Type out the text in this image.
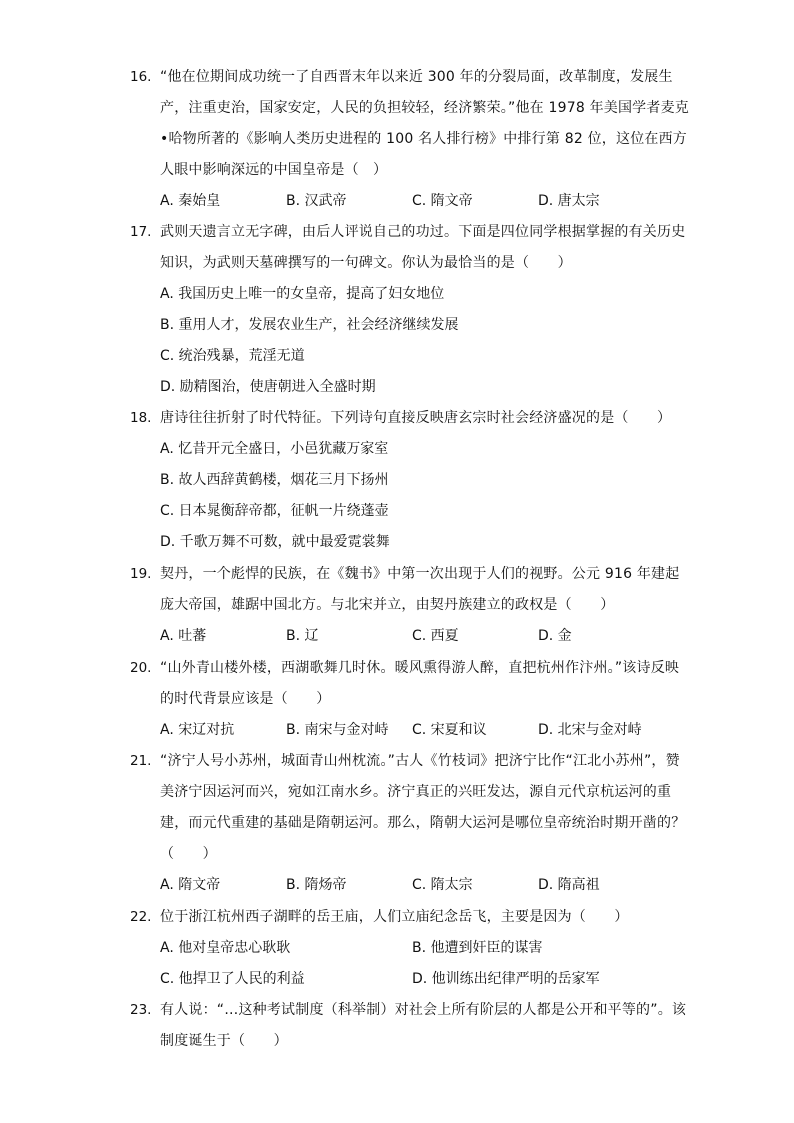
16. “他在位期间成功统一了自西晋末年以来近 300 年的分裂局面，改革制度，发展生产，注重吏治，国家安定，人民的负担较轻，经济繁荣。”他在 1978 年美国学者麦克•哈物所著的《影响人类历史进程的 100 名人排行榜》中排行第 82 位，这位在西方人眼中影响深远的中国皇帝是（　）
A. 秦始皇	B. 汉武帝	C. 隋文帝	D. 唐太宗
17. 武则天遗言立无字碑，由后人评说自己的功过。下面是四位同学根据掌握的有关历史知识，为武则天墓碑撰写的一句碑文。你认为最恰当的是（　　）
A. 我国历史上唯一的女皇帝，提高了妇女地位
B. 重用人才，发展农业生产，社会经济继续发展
C. 统治残暴，荒淫无道
D. 励精图治，使唐朝进入全盛时期
18. 唐诗往往折射了时代特征。下列诗句直接反映唐玄宗时社会经济盛况的是（　　）
A. 忆昔开元全盛日，小邑犹藏万家室
B. 故人西辞黄鹤楼，烟花三月下扬州
C. 日本晁衡辞帝都，征帆一片绕蓬壶
D. 千歌万舞不可数，就中最爱霓裳舞
19. 契丹，一个彪悍的民族，在《魏书》中第一次出现于人们的视野。公元 916 年建起庞大帝国，雄踞中国北方。与北宋并立，由契丹族建立的政权是（　　）
A. 吐蕃	B. 辽	C. 西夏	D. 金
20. “山外青山楼外楼，西湖歌舞几时休。暖风熏得游人醉，直把杭州作汴州。”该诗反映的时代背景应该是（　　）
A. 宋辽对抗	B. 南宋与金对峙	C. 宋夏和议	D. 北宋与金对峙
21. “济宁人号小苏州，城面青山州枕流。”古人《竹枝词》把济宁比作“江北小苏州”，赞美济宁因运河而兴，宛如江南水乡。济宁真正的兴旺发达，源自元代京杭运河的重建，而元代重建的基础是隋朝运河。那么，隋朝大运河是哪位皇帝统治时期开凿的？（　　）
A. 隋文帝	B. 隋炀帝	C. 隋太宗	D. 隋高祖
22. 位于浙江杭州西子湖畔的岳王庙，人们立庙纪念岳飞，主要是因为（　　）
A. 他对皇帝忠心耿耿	B. 他遭到奸臣的谋害
C. 他捍卫了人民的利益	D. 他训练出纪律严明的岳家军
23. 有人说：“…这种考试制度（科举制）对社会上所有阶层的人都是公开和平等的”。该制度诞生于（　　）
